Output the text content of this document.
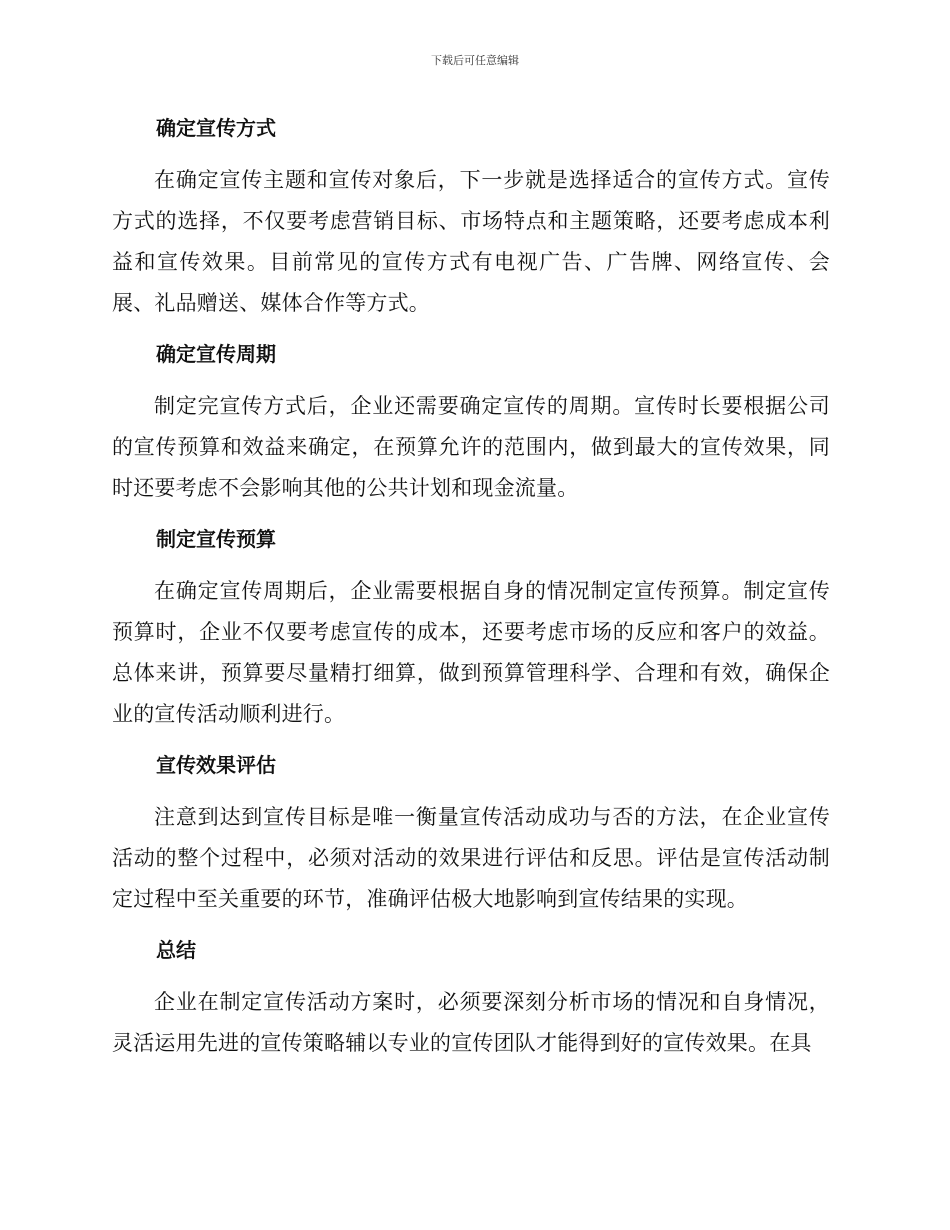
下载后可任意编辑
确定宣传方式

在确定宣传主题和宣传对象后，下一步就是选择适合的宣传方式。宣传方式的选择，不仅要考虑营销目标、市场特点和主题策略，还要考虑成本利益和宣传效果。目前常见的宣传方式有电视广告、广告牌、网络宣传、会展、礼品赠送、媒体合作等方式。

确定宣传周期

制定完宣传方式后，企业还需要确定宣传的周期。宣传时长要根据公司的宣传预算和效益来确定，在预算允许的范围内，做到最大的宣传效果，同时还要考虑不会影响其他的公共计划和现金流量。

制定宣传预算

在确定宣传周期后，企业需要根据自身的情况制定宣传预算。制定宣传预算时，企业不仅要考虑宣传的成本，还要考虑市场的反应和客户的效益。总体来讲，预算要尽量精打细算，做到预算管理科学、合理和有效，确保企业的宣传活动顺利进行。

宣传效果评估

注意到达到宣传目标是唯一衡量宣传活动成功与否的方法，在企业宣传活动的整个过程中，必须对活动的效果进行评估和反思。评估是宣传活动制定过程中至关重要的环节，准确评估极大地影响到宣传结果的实现。

总结

企业在制定宣传活动方案时，必须要深刻分析市场的情况和自身情况，灵活运用先进的宣传策略辅以专业的宣传团队才能得到好的宣传效果。在具
